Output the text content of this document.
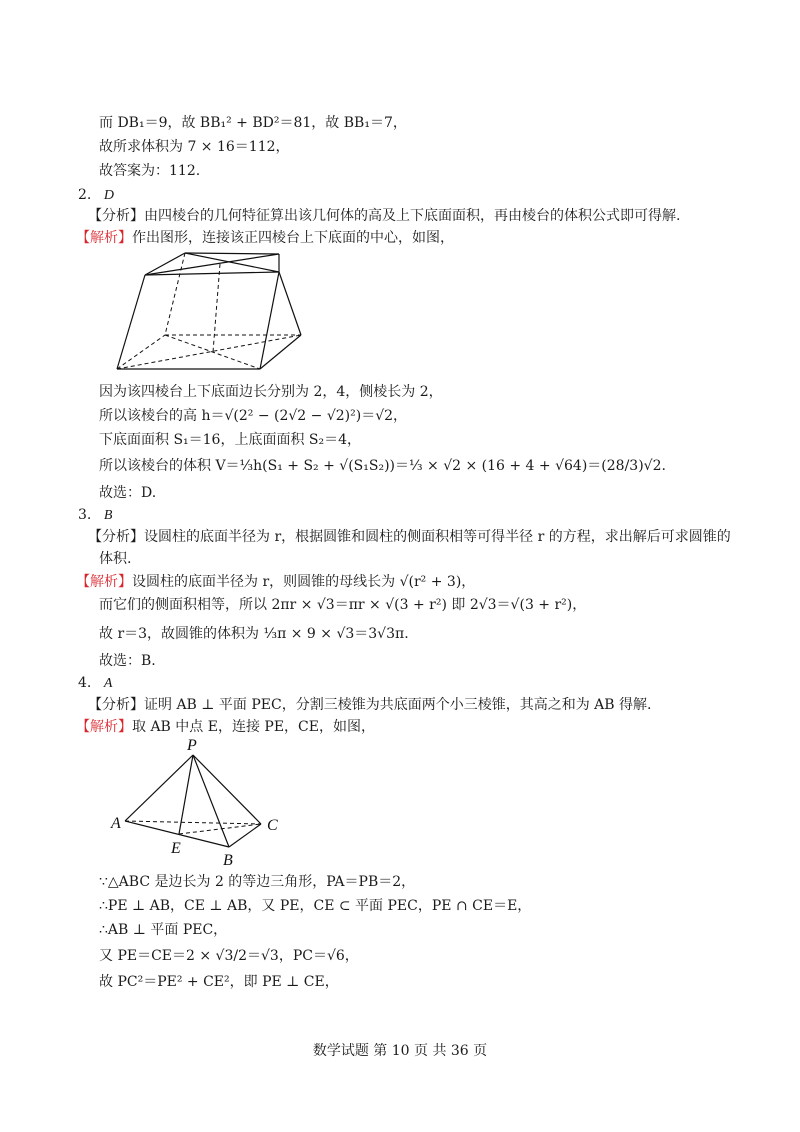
而 DB₁＝9，故 BB₁² + BD²＝81，故 BB₁＝7，
故所求体积为 7 × 16＝112，
故答案为：112.
2. D
【分析】由四棱台的几何特征算出该几何体的高及上下底面面积，再由棱台的体积公式即可得解.
【解析】作出图形，连接该正四棱台上下底面的中心，如图，
因为该四棱台上下底面边长分别为 2，4，侧棱长为 2，
所以该棱台的高 h＝√(2² − (2√2 − √2)²)＝√2，
下底面面积 S₁＝16，上底面面积 S₂＝4，
所以该棱台的体积 V＝⅓h(S₁ + S₂ + √(S₁S₂))＝⅓ × √2 × (16 + 4 + √64)＝(28/3)√2.
故选：D.
3. B
【分析】设圆柱的底面半径为 r，根据圆锥和圆柱的侧面积相等可得半径 r 的方程，求出解后可求圆锥的
体积.
【解析】设圆柱的底面半径为 r，则圆锥的母线长为 √(r² + 3)，
而它们的侧面积相等，所以 2πr × √3＝πr × √(3 + r²) 即 2√3＝√(3 + r²)，
故 r＝3，故圆锥的体积为 ⅓π × 9 × √3＝3√3π.
故选：B.
4. A
【分析】证明 AB ⊥ 平面 PEC，分割三棱锥为共底面两个小三棱锥，其高之和为 AB 得解.
【解析】取 AB 中点 E，连接 PE，CE，如图，
P
A	C
E
B
∵△ABC 是边长为 2 的等边三角形，PA＝PB＝2，
∴PE ⊥ AB，CE ⊥ AB，又 PE，CE ⊂ 平面 PEC，PE ∩ CE＝E，
∴AB ⊥ 平面 PEC，
又 PE＝CE＝2 × √3/2＝√3，PC＝√6，
故 PC²＝PE² + CE²，即 PE ⊥ CE，
数学试题 第 10 页 共 36 页
